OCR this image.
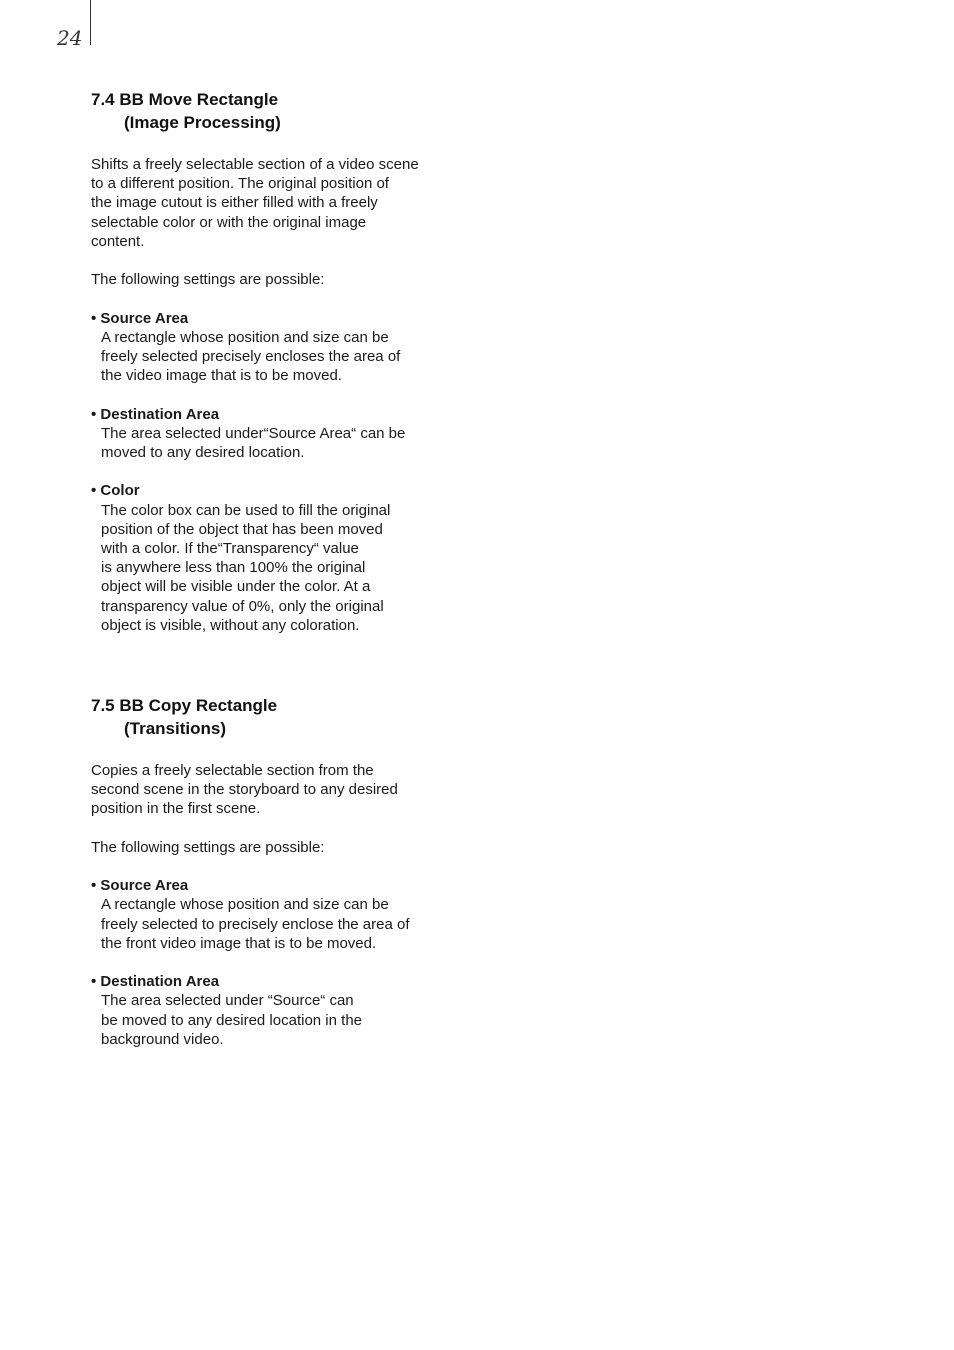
24
7.4 BB Move Rectangle
(Image Processing)
Shifts a freely selectable section of a video scene
to a different position. The original position of
the image cutout is either filled with a freely
selectable color or with the original image
content.
The following settings are possible:
• Source Area
A rectangle whose position and size can be
freely selected precisely encloses the area of
the video image that is to be moved.
• Destination Area
The area selected under“Source Area“ can be
moved to any desired location.
• Color
The color box can be used to fill the original
position of the object that has been moved
with a color. If the“Transparency“ value
is anywhere less than 100% the original
object will be visible under the color. At a
transparency value of 0%, only the original
object is visible, without any coloration.
7.5 BB Copy Rectangle
(Transitions)
Copies a freely selectable section from the
second scene in the storyboard to any desired
position in the first scene.
The following settings are possible:
• Source Area
A rectangle whose position and size can be
freely selected to precisely enclose the area of
the front video image that is to be moved.
• Destination Area
The area selected under “Source“ can
be moved to any desired location in the
background video.
